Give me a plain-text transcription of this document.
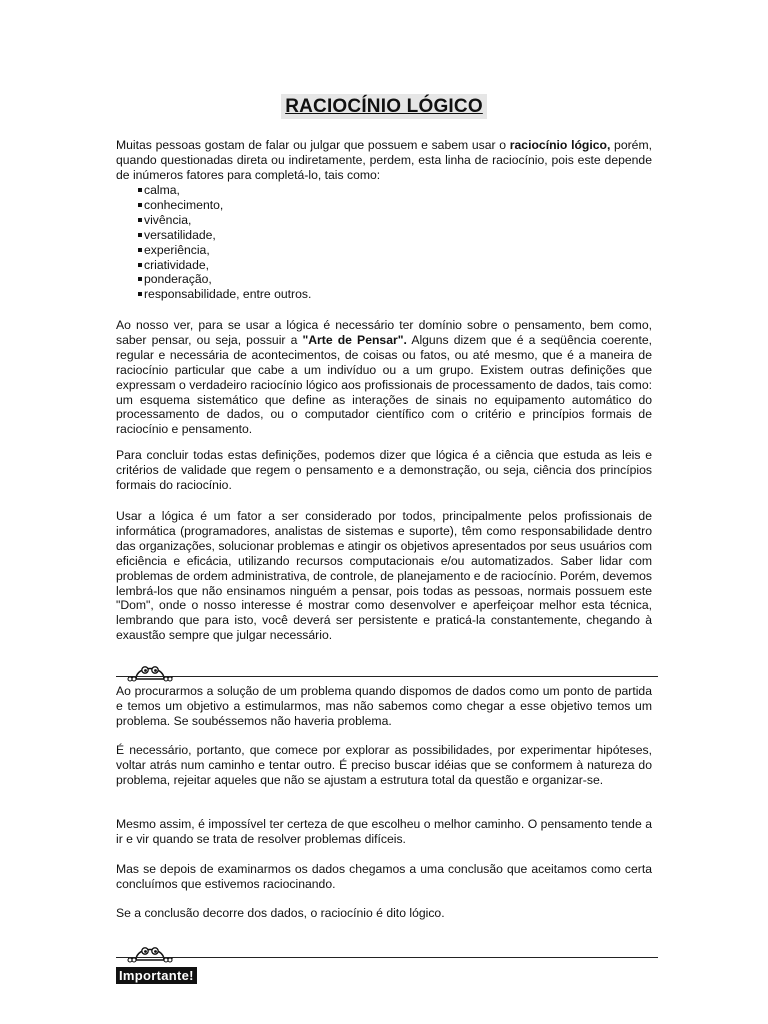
RACIOCÍNIO LÓGICO
Muitas pessoas gostam de falar ou julgar que possuem e sabem usar o raciocínio lógico, porém, quando questionadas direta ou indiretamente, perdem, esta linha de raciocínio, pois este depende de inúmeros fatores para completá-lo, tais como:
calma,
conhecimento,
vivência,
versatilidade,
experiência,
criatividade,
ponderação,
responsabilidade, entre outros.
Ao nosso ver, para se usar a lógica é necessário ter domínio sobre o pensamento, bem como, saber pensar, ou seja, possuir a "Arte de Pensar". Alguns dizem que é a seqüência coerente, regular e necessária de acontecimentos, de coisas ou fatos, ou até mesmo, que é a maneira de raciocínio particular que cabe a um indivíduo ou a um grupo. Existem outras definições que expressam o verdadeiro raciocínio lógico aos profissionais de processamento de dados, tais como: um esquema sistemático que define as interações de sinais no equipamento automático do processamento de dados, ou o computador científico com o critério e princípios formais de raciocínio e pensamento.
Para concluir todas estas definições, podemos dizer que lógica é a ciência que estuda as leis e critérios de validade que regem o pensamento e a demonstração, ou seja, ciência dos princípios formais do raciocínio.
Usar a lógica é um fator a ser considerado por todos, principalmente pelos profissionais de informática (programadores, analistas de sistemas e suporte), têm como responsabilidade dentro das organizações, solucionar problemas e atingir os objetivos apresentados por seus usuários com eficiência e eficácia, utilizando recursos computacionais e/ou automatizados. Saber lidar com problemas de ordem administrativa, de controle, de planejamento e de raciocínio. Porém, devemos lembrá-los que não ensinamos ninguém a pensar, pois todas as pessoas, normais possuem este "Dom", onde o nosso interesse é mostrar como desenvolver e aperfeiçoar melhor esta técnica, lembrando que para isto, você deverá ser persistente e praticá-la constantemente, chegando à exaustão sempre que julgar necessário.
Ao procurarmos a solução de um problema quando dispomos de dados como um ponto de partida e temos um objetivo a estimularmos, mas não sabemos como chegar a esse objetivo temos um problema. Se soubéssemos não haveria problema.
É necessário, portanto, que comece por explorar as possibilidades, por experimentar hipóteses, voltar atrás num caminho e tentar outro. É preciso buscar idéias que se conformem à natureza do problema, rejeitar aqueles que não se ajustam a estrutura total da questão e organizar-se.
Mesmo assim, é impossível ter certeza de que escolheu o melhor caminho. O pensamento tende a ir e vir quando se trata de resolver problemas difíceis.
Mas se depois de examinarmos os dados chegamos a uma conclusão que aceitamos como certa concluímos que estivemos raciocinando.
Se a conclusão decorre dos dados, o raciocínio é dito lógico.
Importante!
